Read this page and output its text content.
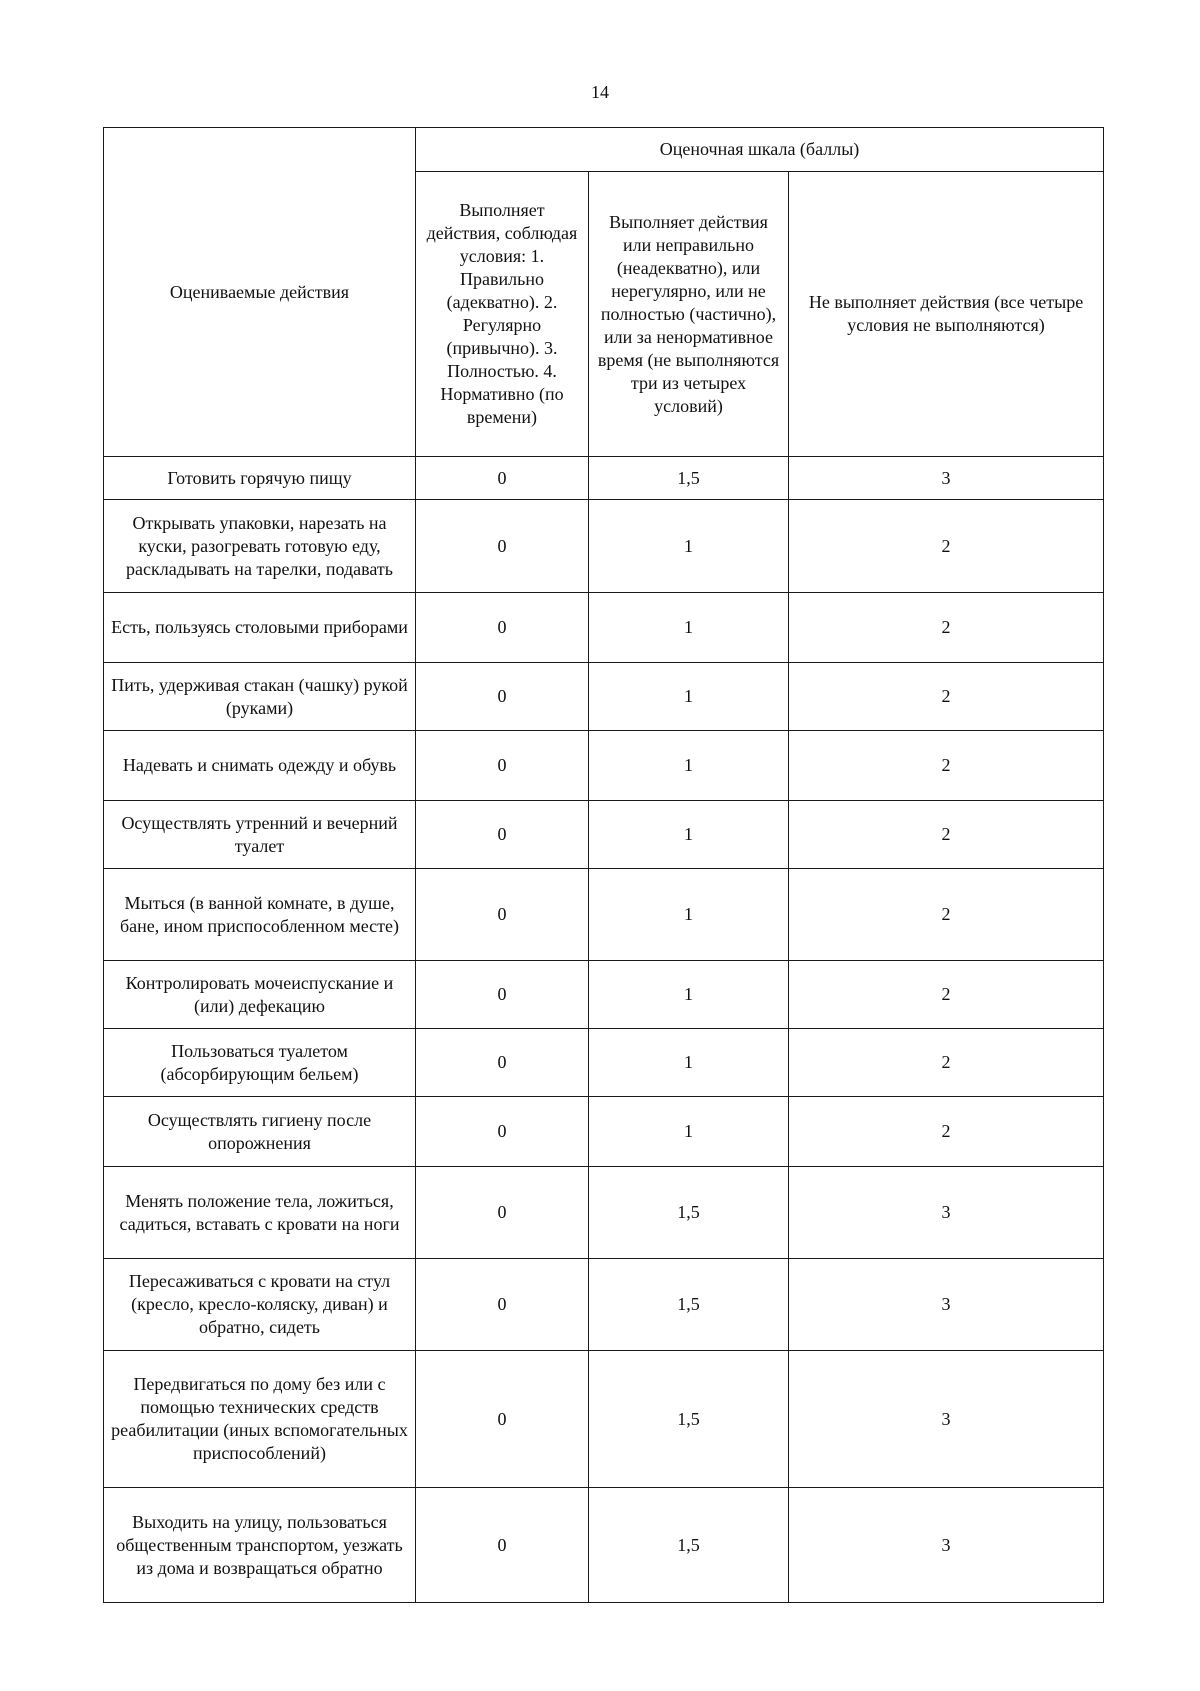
14
Оцениваемые действия	Оценочная шкала (баллы)		
	Выполняет действия, соблюдая условия: 1. Правильно (адекватно). 2. Регулярно (привычно). 3. Полностью. 4. Нормативно (по времени)	Выполняет действия или неправильно (неадекватно), или нерегулярно, или не полностью (частично), или за ненормативное время (не выполняются три из четырех условий)	Не выполняет действия (все четыре условия не выполняются)
Готовить горячую пищу	0	1,5	3
Открывать упаковки, нарезать на куски, разогревать готовую еду, раскладывать на тарелки, подавать	0	1	2
Есть, пользуясь столовыми приборами	0	1	2
Пить, удерживая стакан (чашку) рукой (руками)	0	1	2
Надевать и снимать одежду и обувь	0	1	2
Осуществлять утренний и вечерний туалет	0	1	2
Мыться (в ванной комнате, в душе, бане, ином приспособленном месте)	0	1	2
Контролировать мочеиспускание и (или) дефекацию	0	1	2
Пользоваться туалетом (абсорбирующим бельем)	0	1	2
Осуществлять гигиену после опорожнения	0	1	2
Менять положение тела, ложиться, садиться, вставать с кровати на ноги	0	1,5	3
Пересаживаться с кровати на стул (кресло, кресло-коляску, диван) и обратно, сидеть	0	1,5	3
Передвигаться по дому без или с помощью технических средств реабилитации (иных вспомогательных приспособлений)	0	1,5	3
Выходить на улицу, пользоваться общественным транспортом, уезжать из дома и возвращаться обратно	0	1,5	3
